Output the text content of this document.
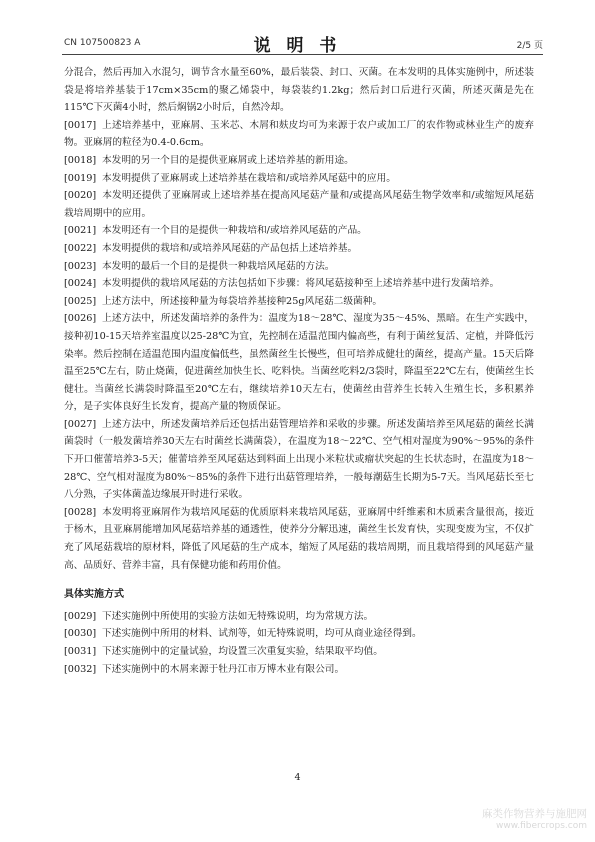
CN 107500823 A	说 明 书	2/5 页

分混合，然后再加入水混匀，调节含水量至60%，最后装袋、封口、灭菌。在本发明的具体实施例中，所述装袋是将培养基装于17cm×35cm的聚乙烯袋中，每袋装约1.2kg；然后封口后进行灭菌，所述灭菌是先在115℃下灭菌4小时，然后焖锅2小时后，自然冷却。

[0017] 上述培养基中，亚麻屑、玉米芯、木屑和麸皮均可为来源于农户或加工厂的农作物或林业生产的废弃物。亚麻屑的粒径为0.4-0.6cm。

[0018] 本发明的另一个目的是提供亚麻屑或上述培养基的新用途。

[0019] 本发明提供了亚麻屑或上述培养基在栽培和/或培养风尾菇中的应用。

[0020] 本发明还提供了亚麻屑或上述培养基在提高风尾菇产量和/或提高风尾菇生物学效率和/或缩短风尾菇栽培周期中的应用。

[0021] 本发明还有一个目的是提供一种栽培和/或培养风尾菇的产品。

[0022] 本发明提供的栽培和/或培养风尾菇的产品包括上述培养基。

[0023] 本发明的最后一个目的是提供一种栽培风尾菇的方法。

[0024] 本发明提供的栽培风尾菇的方法包括如下步骤：将风尾菇接种至上述培养基中进行发菌培养。

[0025] 上述方法中，所述接种量为每袋培养基接种25g风尾菇二级菌种。

[0026] 上述方法中，所述发菌培养的条件为：温度为18～28℃、湿度为35～45%、黑暗。在生产实践中，接种初10-15天培养室温度以25-28℃为宜，先控制在适温范围内偏高些，有利于菌丝复活、定植，并降低污染率。然后控制在适温范围内温度偏低些，虽然菌丝生长慢些，但可培养成健壮的菌丝，提高产量。15天后降温至25℃左右，防止烧菌，促进菌丝加快生长、吃料快。当菌丝吃料2/3袋时，降温至22℃左右，使菌丝生长健壮。当菌丝长满袋时降温至20℃左右，继续培养10天左右，使菌丝由营养生长转入生殖生长，多积累养分，是子实体良好生长发育，提高产量的物质保证。

[0027] 上述方法中，所述发菌培养后还包括出菇管理培养和采收的步骤。所述发菌培养至风尾菇的菌丝长满菌袋时（一般发菌培养30天左右时菌丝长满菌袋），在温度为18～22℃、空气相对湿度为90%～95%的条件下开口催蕾培养3-5天；催蕾培养至风尾菇达到料面上出现小米粒状或瘤状突起的生长状态时，在温度为18～28℃、空气相对湿度为80%～85%的条件下进行出菇管理培养，一般每潮菇生长期为5-7天。当风尾菇长至七八分熟，子实体菌盖边缘展开时进行采收。

[0028] 本发明将亚麻屑作为栽培风尾菇的优质原料来栽培风尾菇，亚麻屑中纤维素和木质素含量很高，接近于杨木，且亚麻屑能增加风尾菇培养基的通透性，使养分分解迅速，菌丝生长发育快，实现变废为宝，不仅扩充了风尾菇栽培的原材料，降低了风尾菇的生产成本，缩短了风尾菇的栽培周期，而且栽培得到的风尾菇产量高、品质好、营养丰富，具有保健功能和药用价值。

具体实施方式

[0029] 下述实施例中所使用的实验方法如无特殊说明，均为常规方法。

[0030] 下述实施例中所用的材料、试剂等，如无特殊说明，均可从商业途径得到。

[0031] 下述实施例中的定量试验，均设置三次重复实验，结果取平均值。

[0032] 下述实施例中的木屑来源于牡丹江市万博木业有限公司。

4
麻类作物营养与施肥网
www.fibercrops.com
